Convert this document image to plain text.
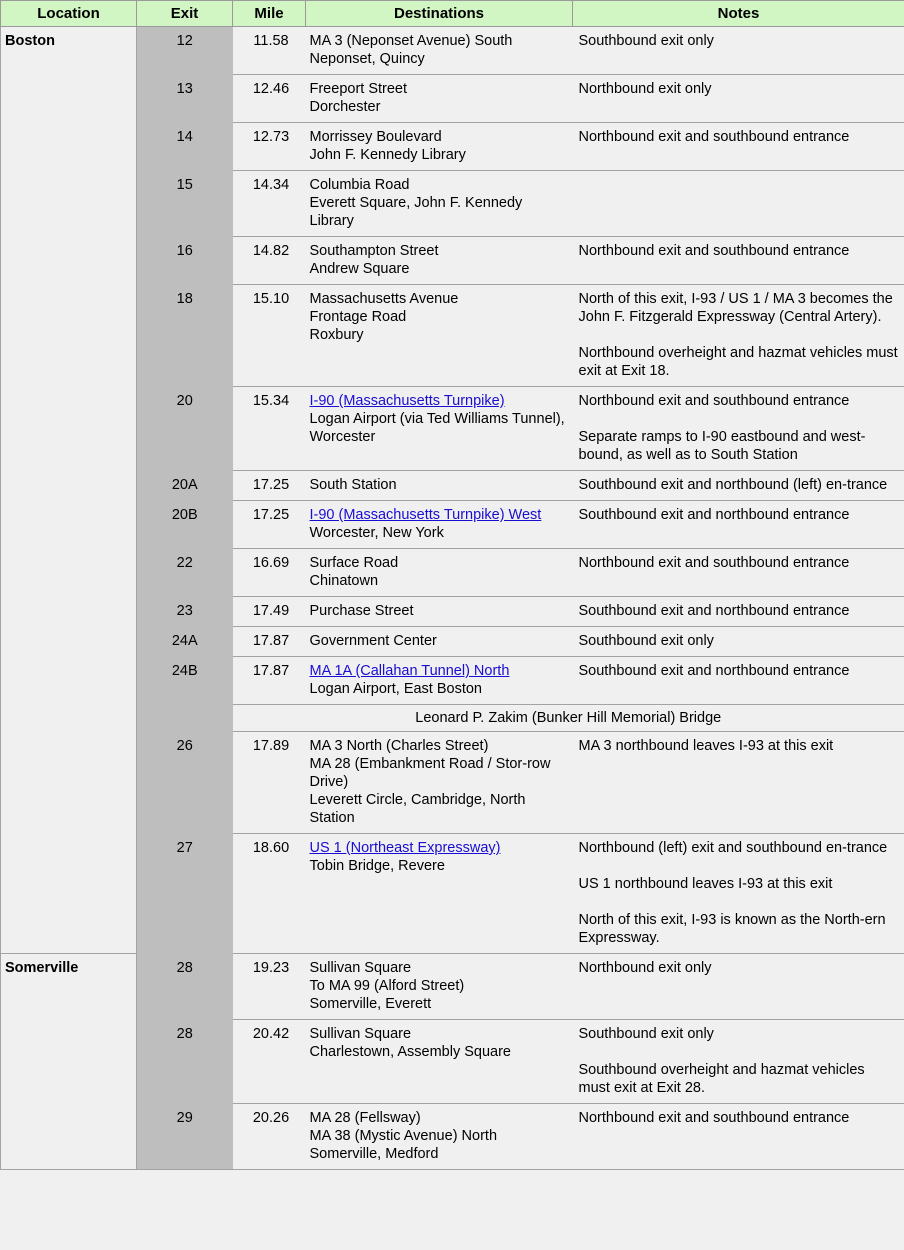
Location	Exit	Mile	Destinations	Notes
Boston	12	11.58	MA 3 (Neponset Avenue) South
Neponset, Quincy	Southbound exit only

	13	12.46	Freeport Street
Dorchester	Northbound exit only

	14	12.73	Morrissey Boulevard
John F. Kennedy Library	Northbound exit and southbound entrance

	15	14.34	Columbia Road
Everett Square, John F. Kennedy Library	

	16	14.82	Southampton Street
Andrew Square	Northbound exit and southbound entrance

	18	15.10	Massachusetts Avenue
Frontage Road
Roxbury	North of this exit, I-93 / US 1 / MA 3 becomes the John F. Fitzgerald Expressway (Central Artery).
Northbound overheight and hazmat vehicles must exit at Exit 18.

	20	15.34	I-90 (Massachusetts Turnpike)
Logan Airport (via Ted Williams Tunnel), Worcester	Northbound exit and southbound entrance
Separate ramps to I-90 eastbound and west-bound, as well as to South Station

	20A	17.25	South Station	Southbound exit and northbound (left) en-trance

	20B	17.25	I-90 (Massachusetts Turnpike) West
Worcester, New York	Southbound exit and northbound entrance

	22	16.69	Surface Road
Chinatown	Northbound exit and southbound entrance

	23	17.49	Purchase Street	Southbound exit and northbound entrance

	24A	17.87	Government Center	Southbound exit only

	24B	17.87	MA 1A (Callahan Tunnel) North
Logan Airport, East Boston	Southbound exit and northbound entrance

		Leonard P. Zakim (Bunker Hill Memorial) Bridge		
	26	17.89	MA 3 North (Charles Street)
MA 28 (Embankment Road / Stor-row Drive)
Leverett Circle, Cambridge, North Station	MA 3 northbound leaves I-93 at this exit

	27	18.60	US 1 (Northeast Expressway)
Tobin Bridge, Revere	Northbound (left) exit and southbound en-trance
US 1 northbound leaves I-93 at this exit
North of this exit, I-93 is known as the North-ern Expressway.

Somerville	28	19.23	Sullivan Square
To MA 99 (Alford Street)
Somerville, Everett	Northbound exit only

	28	20.42	Sullivan Square
Charlestown, Assembly Square	Southbound exit only
Southbound overheight and hazmat vehicles must exit at Exit 28.

	29	20.26	MA 28 (Fellsway)
MA 38 (Mystic Avenue) North
Somerville, Medford	Northbound exit and southbound entrance
